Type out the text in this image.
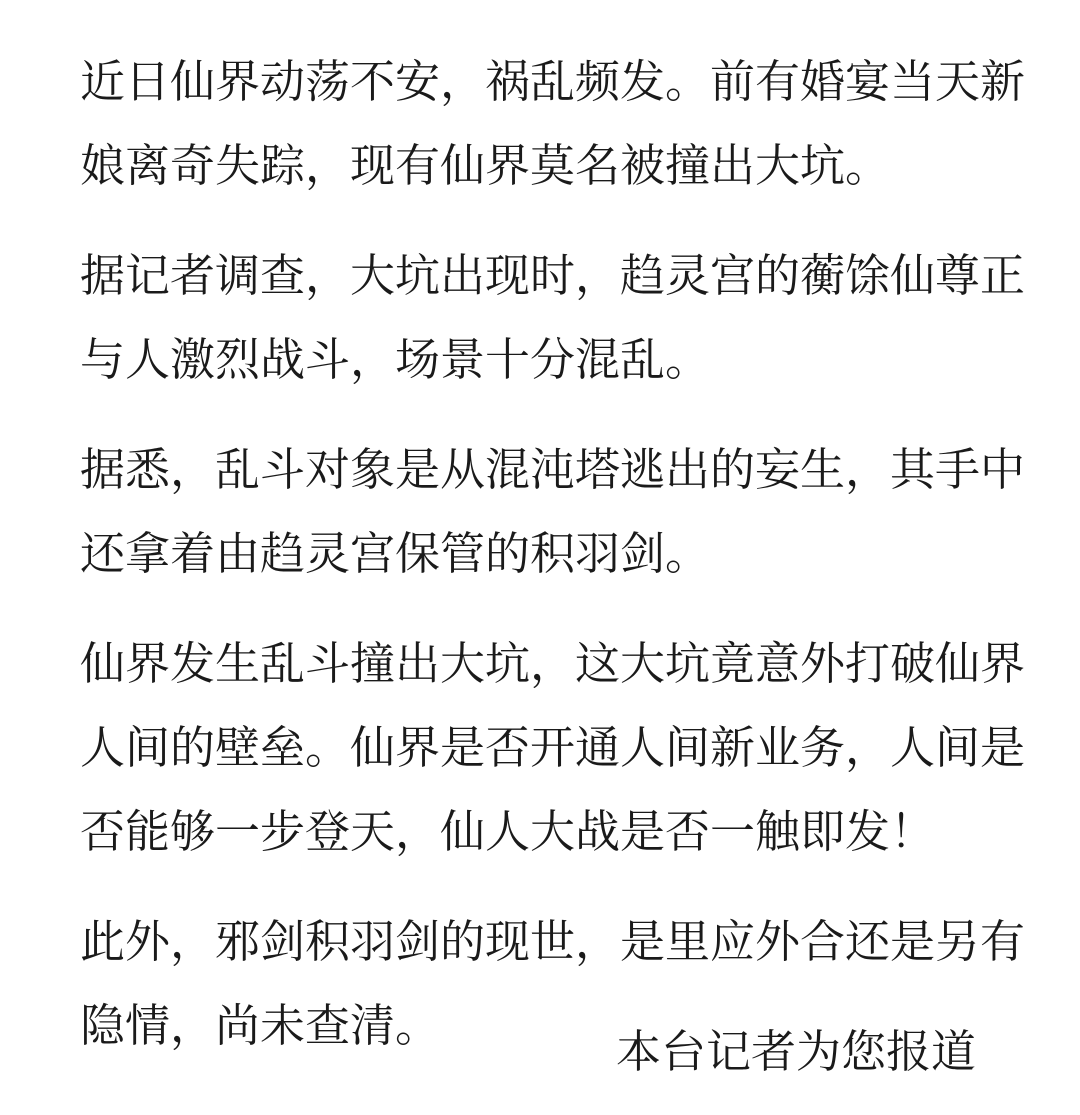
近日仙界动荡不安，祸乱频发。前有婚宴当天新
娘离奇失踪，现有仙界莫名被撞出大坑。
据记者调查，大坑出现时，趋灵宫的蘅馀仙尊正
与人激烈战斗，场景十分混乱。
据悉，乱斗对象是从混沌塔逃出的妄生，其手中
还拿着由趋灵宫保管的积羽剑。
仙界发生乱斗撞出大坑，这大坑竟意外打破仙界
人间的壁垒。仙界是否开通人间新业务，人间是
否能够一步登天，仙人大战是否一触即发！
此外，邪剑积羽剑的现世，是里应外合还是另有
隐情，尚未查清。	本台记者为您报道
